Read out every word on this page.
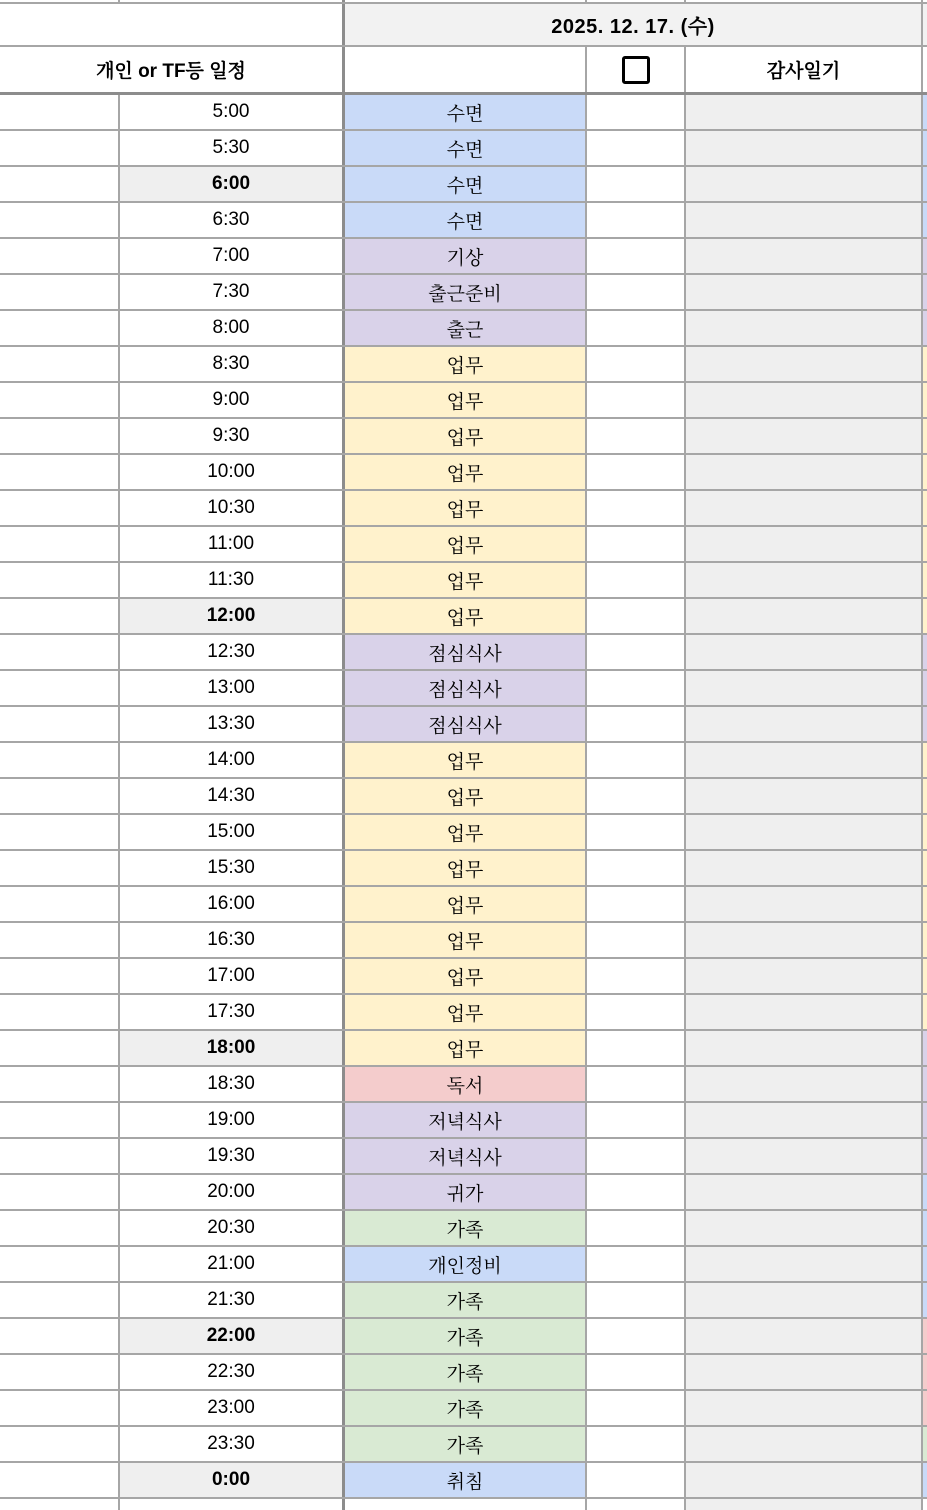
2025. 12. 17. (수)
개인 or TF등 일정	감사일기
5:00	수면
5:30	수면
6:00	수면
6:30	수면
7:00	기상
7:30	출근준비
8:00	출근
8:30	업무
9:00	업무
9:30	업무
10:00	업무
10:30	업무
11:00	업무
11:30	업무
12:00	업무
12:30	점심식사
13:00	점심식사
13:30	점심식사
14:00	업무
14:30	업무
15:00	업무
15:30	업무
16:00	업무
16:30	업무
17:00	업무
17:30	업무
18:00	업무
18:30	독서
19:00	저녁식사
19:30	저녁식사
20:00	귀가
20:30	가족
21:00	개인정비
21:30	가족
22:00	가족
22:30	가족
23:00	가족
23:30	가족
0:00	취침
